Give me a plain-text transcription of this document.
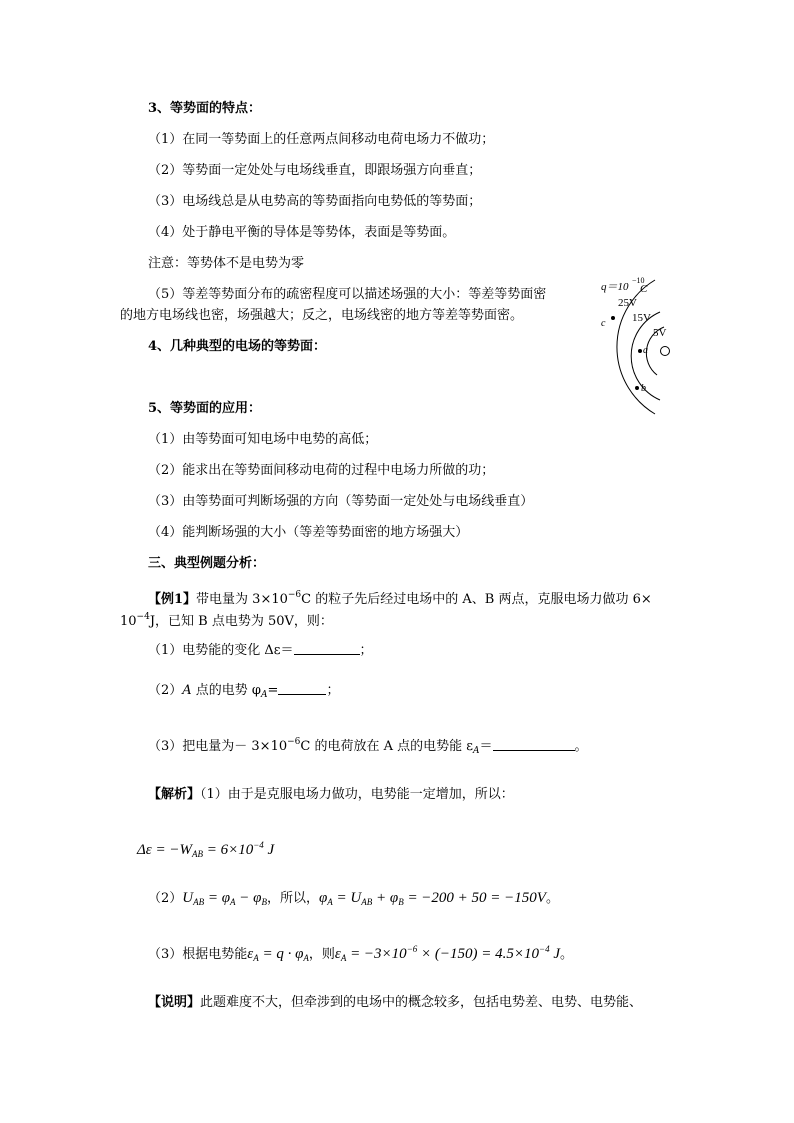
3、等势面的特点：
（1）在同一等势面上的任意两点间移动电荷电场力不做功；
（2）等势面一定处处与电场线垂直，即跟场强方向垂直；
（3）电场线总是从电势高的等势面指向电势低的等势面；
（4）处于静电平衡的导体是等势体，表面是等势面。
注意：等势体不是电势为零
（5）等差等势面分布的疏密程度可以描述场强的大小：等差等势面密
的地方电场线也密，场强越大；反之，电场线密的地方等差等势面密。
4、几种典型的电场的等势面：
q＝10
−10
C
25V
15V
5V
c
a
b
5、等势面的应用：
（1）由等势面可知电场中电势的高低；
（2）能求出在等势面间移动电荷的过程中电场力所做的功；
（3）由等势面可判断场强的方向（等势面一定处处与电场线垂直）
（4）能判断场强的大小（等差等势面密的地方场强大）
三、典型例题分析：
【例1】带电量为 $3\times 10^{-6}C$ 的粒子先后经过电场中的 A、B 两点，克服电场力做功 6×
$10^{-4}J$，已知 B 点电势为 50V，则：
（1）电势能的变化 Δε＝	；
（2）A 点的电势 $\varphi_A=$	；
（3）把电量为－ $3\times 10^{-6}C$ 的电荷放在 A 点的电势能 $\varepsilon_A=$	。
【解析】（1）由于是克服电场力做功，电势能一定增加，所以：
$\Delta\varepsilon = -W_{AB} = 6\times 10^{-4}$ J
$(2)U_{AB} = \varphi_A - \varphi_B$，所以，$\varphi_A = U_{AB} + \varphi_B = -200 + 50 = -150V$。
（3）根据电势能$\varepsilon_A = q \cdot \varphi_A$，则$\varepsilon_A = -3\times 10^{-6} \times (-150) = 4.5\times 10^{-4}$ J。
【说明】此题难度不大，但牵涉到的电场中的概念较多，包括电势差、电势、电势能、
